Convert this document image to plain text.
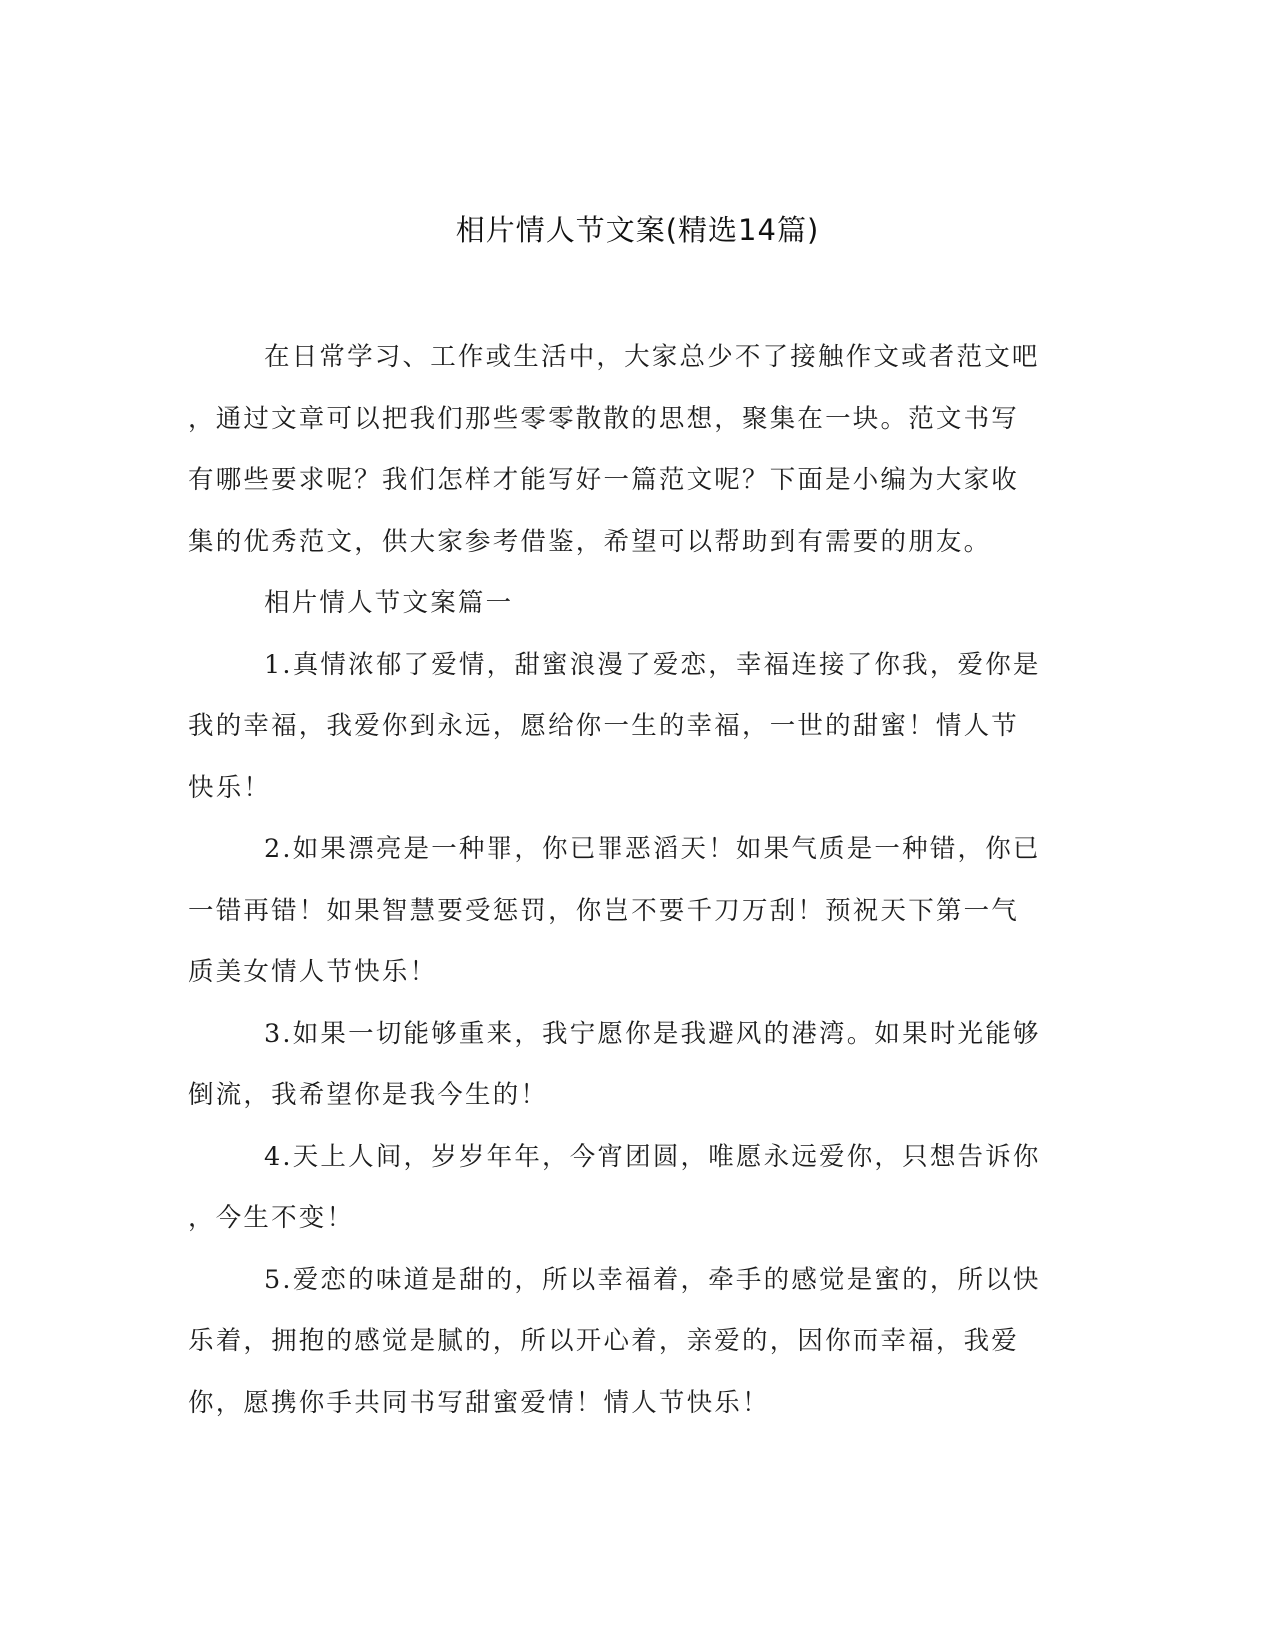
相片情人节文案(精选14篇)

在日常学习、工作或生活中，大家总少不了接触作文或者范文吧
，通过文章可以把我们那些零零散散的思想，聚集在一块。范文书写
有哪些要求呢？我们怎样才能写好一篇范文呢？下面是小编为大家收
集的优秀范文，供大家参考借鉴，希望可以帮助到有需要的朋友。

相片情人节文案篇一

1.真情浓郁了爱情，甜蜜浪漫了爱恋，幸福连接了你我，爱你是
我的幸福，我爱你到永远，愿给你一生的幸福，一世的甜蜜！情人节
快乐！

2.如果漂亮是一种罪，你已罪恶滔天！如果气质是一种错，你已
一错再错！如果智慧要受惩罚，你岂不要千刀万刮！预祝天下第一气
质美女情人节快乐！

3.如果一切能够重来，我宁愿你是我避风的港湾。如果时光能够
倒流，我希望你是我今生的！

4.天上人间，岁岁年年，今宵团圆，唯愿永远爱你，只想告诉你
，今生不变！

5.爱恋的味道是甜的，所以幸福着，牵手的感觉是蜜的，所以快
乐着，拥抱的感觉是腻的，所以开心着，亲爱的，因你而幸福，我爱
你，愿携你手共同书写甜蜜爱情！情人节快乐！
